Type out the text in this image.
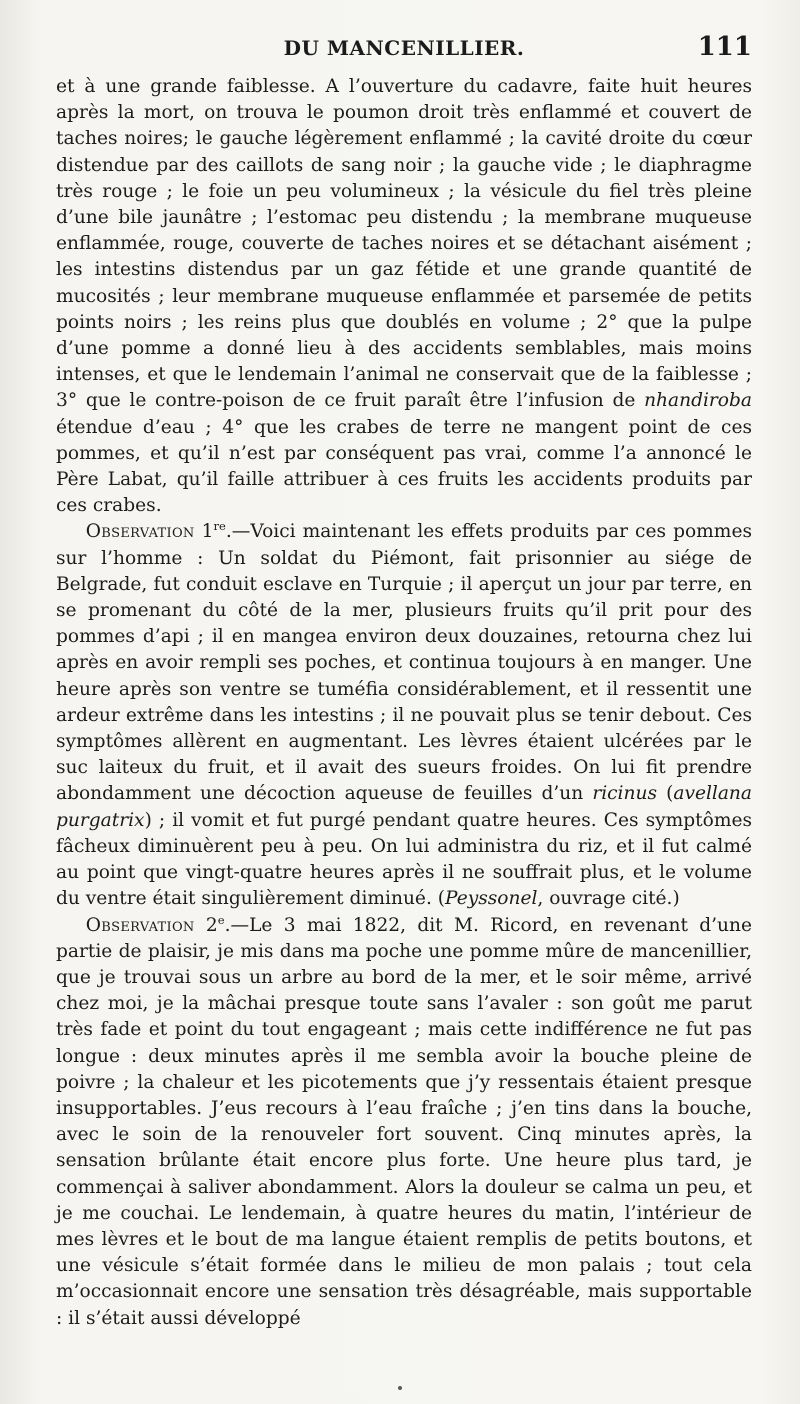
DU MANCENILLIER.	111

et à une grande faiblesse. A l’ouverture du cadavre, faite huit heures après la mort, on trouva le poumon droit très enflammé et couvert de taches noires; le gauche légèrement enflammé ; la cavité droite du cœur distendue par des caillots de sang noir ; la gauche vide ; le diaphragme très rouge ; le foie un peu volumineux ; la vésicule du fiel très pleine d’une bile jaunâtre ; l’estomac peu distendu ; la membrane muqueuse enflammée, rouge, couverte de taches noires et se détachant aisément ; les intestins distendus par un gaz fétide et une grande quantité de mucosités ; leur membrane muqueuse enflammée et parsemée de petits points noirs ; les reins plus que doublés en volume ; 2° que la pulpe d’une pomme a donné lieu à des accidents semblables, mais moins intenses, et que le lendemain l’animal ne conservait que de la faiblesse ; 3° que le contre-poison de ce fruit paraît être l’infusion de nhandiroba étendue d’eau ; 4° que les crabes de terre ne mangent point de ces pommes, et qu’il n’est par conséquent pas vrai, comme l’a annoncé le Père Labat, qu’il faille attribuer à ces fruits les accidents produits par ces crabes.

Observation 1re.—Voici maintenant les effets produits par ces pommes sur l’homme : Un soldat du Piémont, fait prisonnier au siége de Belgrade, fut conduit esclave en Turquie ; il aperçut un jour par terre, en se promenant du côté de la mer, plusieurs fruits qu’il prit pour des pommes d’api ; il en mangea environ deux douzaines, retourna chez lui après en avoir rempli ses poches, et continua toujours à en manger. Une heure après son ventre se tuméfia considérablement, et il ressentit une ardeur extrême dans les intestins ; il ne pouvait plus se tenir debout. Ces symptômes allèrent en augmentant. Les lèvres étaient ulcérées par le suc laiteux du fruit, et il avait des sueurs froides. On lui fit prendre abondamment une décoction aqueuse de feuilles d’un ricinus (avellana purgatrix) ; il vomit et fut purgé pendant quatre heures. Ces symptômes fâcheux diminuèrent peu à peu. On lui administra du riz, et il fut calmé au point que vingt-quatre heures après il ne souffrait plus, et le volume du ventre était singulièrement diminué. (Peyssonel, ouvrage cité.)

Observation 2e.—Le 3 mai 1822, dit M. Ricord, en revenant d’une partie de plaisir, je mis dans ma poche une pomme mûre de mancenillier, que je trouvai sous un arbre au bord de la mer, et le soir même, arrivé chez moi, je la mâchai presque toute sans l’avaler : son goût me parut très fade et point du tout engageant ; mais cette indifférence ne fut pas longue : deux minutes après il me sembla avoir la bouche pleine de poivre ; la chaleur et les picotements que j’y ressentais étaient presque insupportables. J’eus recours à l’eau fraîche ; j’en tins dans la bouche, avec le soin de la renouveler fort souvent. Cinq minutes après, la sensation brûlante était encore plus forte. Une heure plus tard, je commençai à saliver abondamment. Alors la douleur se calma un peu, et je me couchai. Le lendemain, à quatre heures du matin, l’intérieur de mes lèvres et le bout de ma langue étaient remplis de petits boutons, et une vésicule s’était formée dans le milieu de mon palais ; tout cela m’occasionnait encore une sensation très désagréable, mais supportable : il s’était aussi développé
